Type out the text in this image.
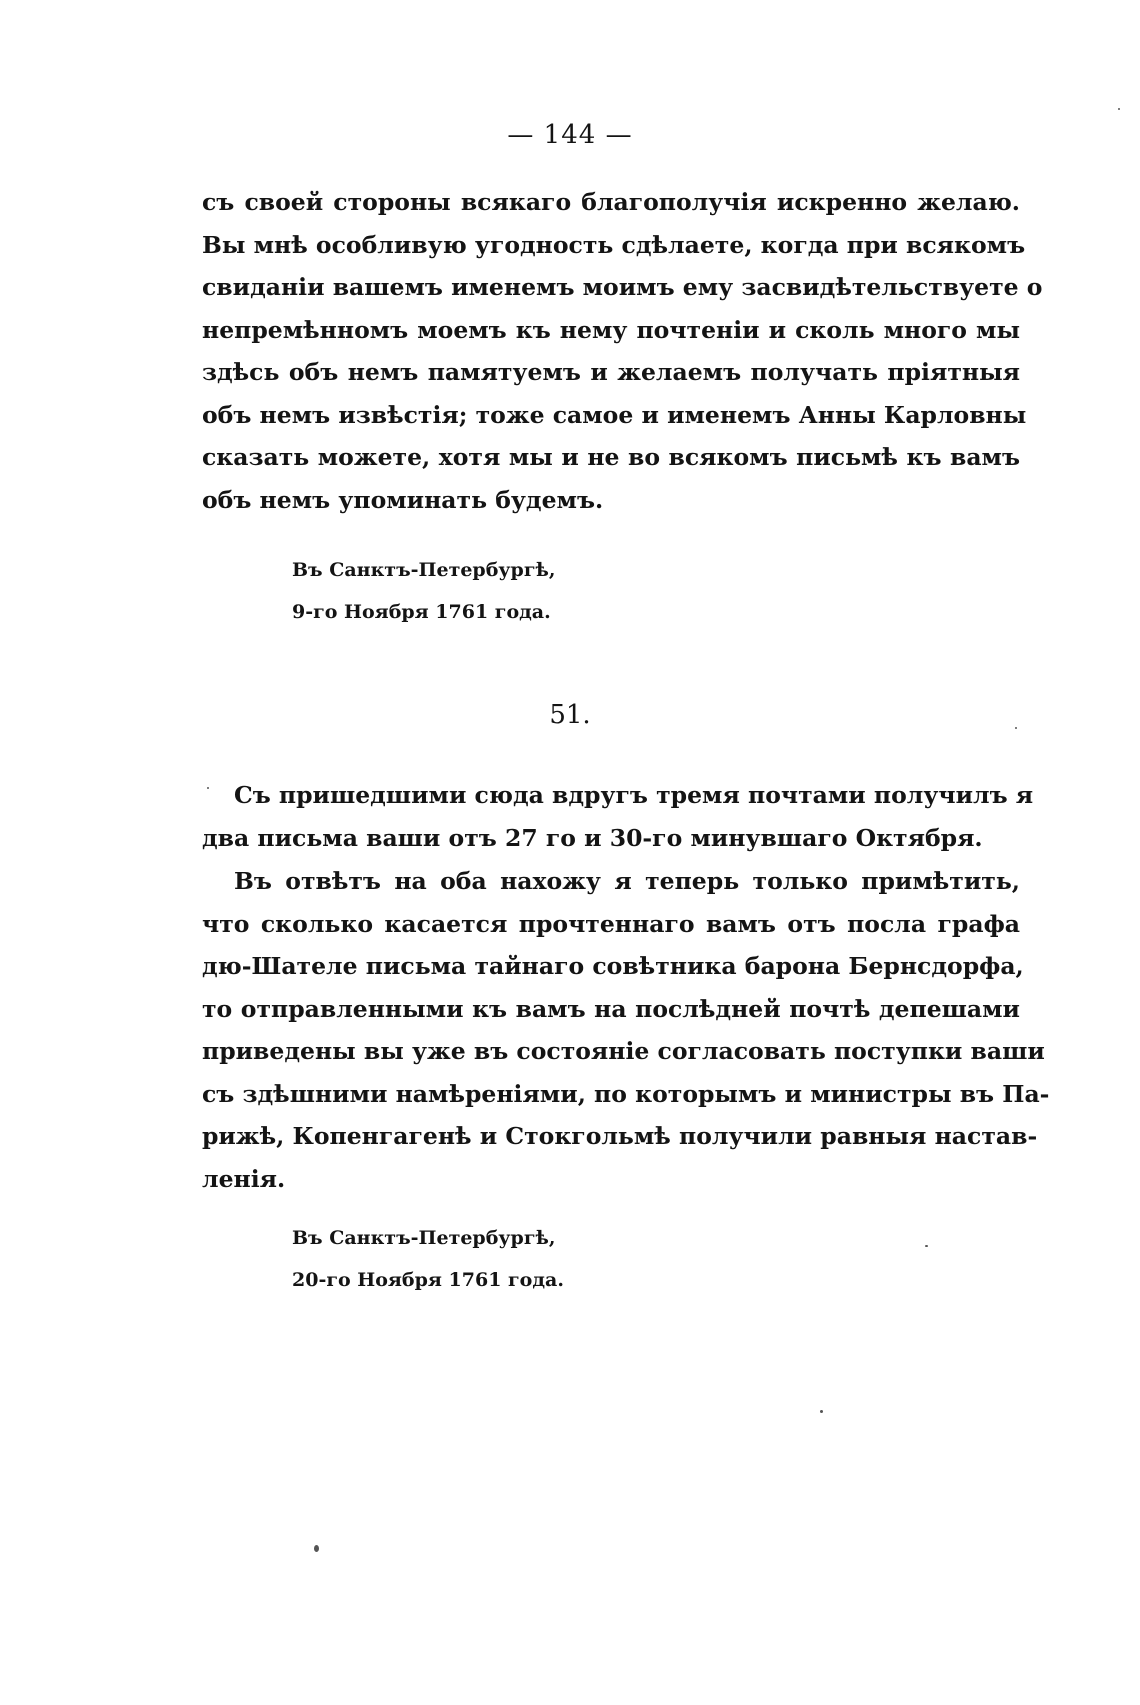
— 144 —
съ своей стороны всякаго благополучія искренно желаю.
Вы мнѣ особливую угодность сдѣлаете, когда при всякомъ
свиданіи вашемъ именемъ моимъ ему засвидѣтельствуете о
непремѣнномъ моемъ къ нему почтеніи и сколь много мы
здѣсь объ немъ памятуемъ и желаемъ получать пріятныя
объ немъ извѣстія; тоже самое и именемъ Анны Карловны
сказать можете, хотя мы и не во всякомъ письмѣ къ вамъ
объ немъ упоминать будемъ.
Въ Санктъ-Петербургѣ,
9-го Ноября 1761 года.
51.
Съ пришедшими сюда вдругъ тремя почтами получилъ я
два письма ваши отъ 27 го и 30-го минувшаго Октября.
Въ отвѣтъ на оба нахожу я теперь только примѣтить,
что сколько касается прочтеннаго вамъ отъ посла графа
дю-Шателе письма тайнаго совѣтника барона Бернсдорфа,
то отправленными къ вамъ на послѣдней почтѣ депешами
приведены вы уже въ состояніе согласовать поступки ваши
съ здѣшними намѣреніями, по которымъ и министры въ Па-
рижѣ, Копенгагенѣ и Стокгольмѣ получили равныя настав-
ленія.
Въ Санктъ-Петербургѣ,
20-го Ноября 1761 года.
